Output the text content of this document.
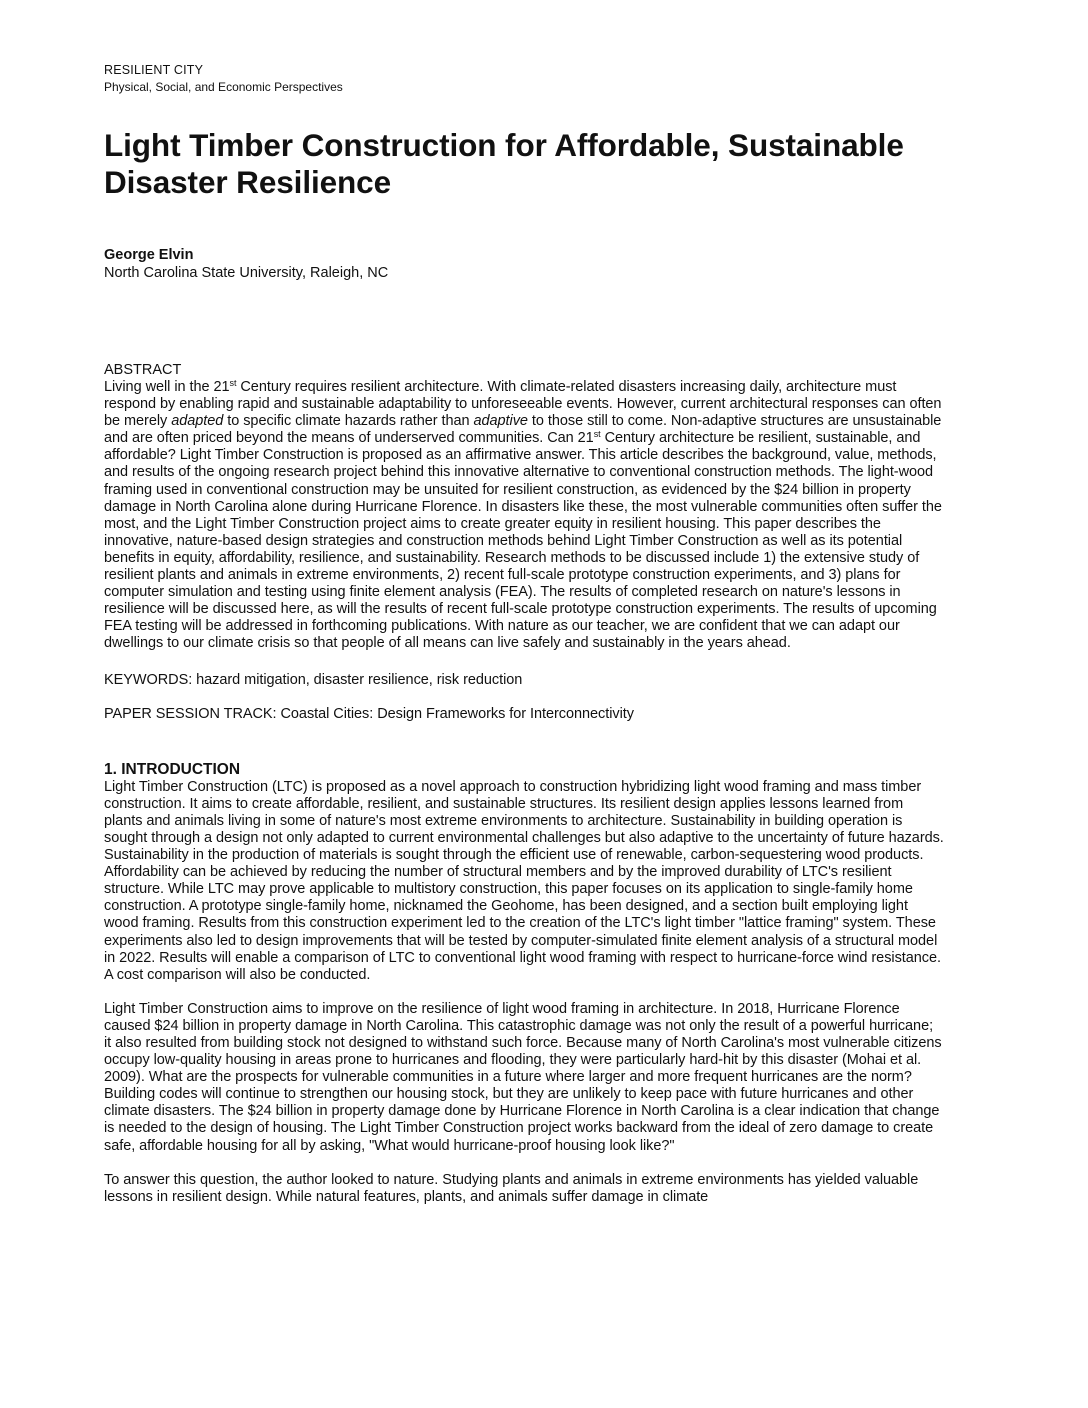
RESILIENT CITY
Physical, Social, and Economic Perspectives
Light Timber Construction for Affordable, Sustainable
Disaster Resilience
George Elvin
North Carolina State University, Raleigh, NC
ABSTRACT

Living well in the 21st Century requires resilient architecture. With climate-related disasters increasing daily, architecture must respond by enabling rapid and sustainable adaptability to unforeseeable events. However, current architectural responses can often be merely adapted to specific climate hazards rather than adaptive to those still to come. Non-adaptive structures are unsustainable and are often priced beyond the means of underserved communities. Can 21st Century architecture be resilient, sustainable, and affordable? Light Timber Construction is proposed as an affirmative answer. This article describes the background, value, methods, and results of the ongoing research project behind this innovative alternative to conventional construction methods. The light-wood framing used in conventional construction may be unsuited for resilient construction, as evidenced by the $24 billion in property damage in North Carolina alone during Hurricane Florence. In disasters like these, the most vulnerable communities often suffer the most, and the Light Timber Construction project aims to create greater equity in resilient housing. This paper describes the innovative, nature-based design strategies and construction methods behind Light Timber Construction as well as its potential benefits in equity, affordability, resilience, and sustainability. Research methods to be discussed include 1) the extensive study of resilient plants and animals in extreme environments, 2) recent full-scale prototype construction experiments, and 3) plans for computer simulation and testing using finite element analysis (FEA). The results of completed research on nature's lessons in resilience will be discussed here, as will the results of recent full-scale prototype construction experiments. The results of upcoming FEA testing will be addressed in forthcoming publications. With nature as our teacher, we are confident that we can adapt our dwellings to our climate crisis so that people of all means can live safely and sustainably in the years ahead.

KEYWORDS: hazard mitigation, disaster resilience, risk reduction

PAPER SESSION TRACK: Coastal Cities: Design Frameworks for Interconnectivity

1. INTRODUCTION

Light Timber Construction (LTC) is proposed as a novel approach to construction hybridizing light wood framing and mass timber construction. It aims to create affordable, resilient, and sustainable structures. Its resilient design applies lessons learned from plants and animals living in some of nature's most extreme environments to architecture. Sustainability in building operation is sought through a design not only adapted to current environmental challenges but also adaptive to the uncertainty of future hazards. Sustainability in the production of materials is sought through the efficient use of renewable, carbon-sequestering wood products. Affordability can be achieved by reducing the number of structural members and by the improved durability of LTC's resilient structure. While LTC may prove applicable to multistory construction, this paper focuses on its application to single-family home construction. A prototype single-family home, nicknamed the Geohome, has been designed, and a section built employing light wood framing. Results from this construction experiment led to the creation of the LTC's light timber "lattice framing" system. These experiments also led to design improvements that will be tested by computer-simulated finite element analysis of a structural model in 2022. Results will enable a comparison of LTC to conventional light wood framing with respect to hurricane-force wind resistance. A cost comparison will also be conducted.

Light Timber Construction aims to improve on the resilience of light wood framing in architecture. In 2018, Hurricane Florence caused $24 billion in property damage in North Carolina. This catastrophic damage was not only the result of a powerful hurricane; it also resulted from building stock not designed to withstand such force. Because many of North Carolina's most vulnerable citizens occupy low-quality housing in areas prone to hurricanes and flooding, they were particularly hard-hit by this disaster (Mohai et al. 2009). What are the prospects for vulnerable communities in a future where larger and more frequent hurricanes are the norm? Building codes will continue to strengthen our housing stock, but they are unlikely to keep pace with future hurricanes and other climate disasters. The $24 billion in property damage done by Hurricane Florence in North Carolina is a clear indication that change is needed to the design of housing. The Light Timber Construction project works backward from the ideal of zero damage to create safe, affordable housing for all by asking, "What would hurricane-proof housing look like?"

To answer this question, the author looked to nature. Studying plants and animals in extreme environments has yielded valuable lessons in resilient design. While natural features, plants, and animals suffer damage in climate
